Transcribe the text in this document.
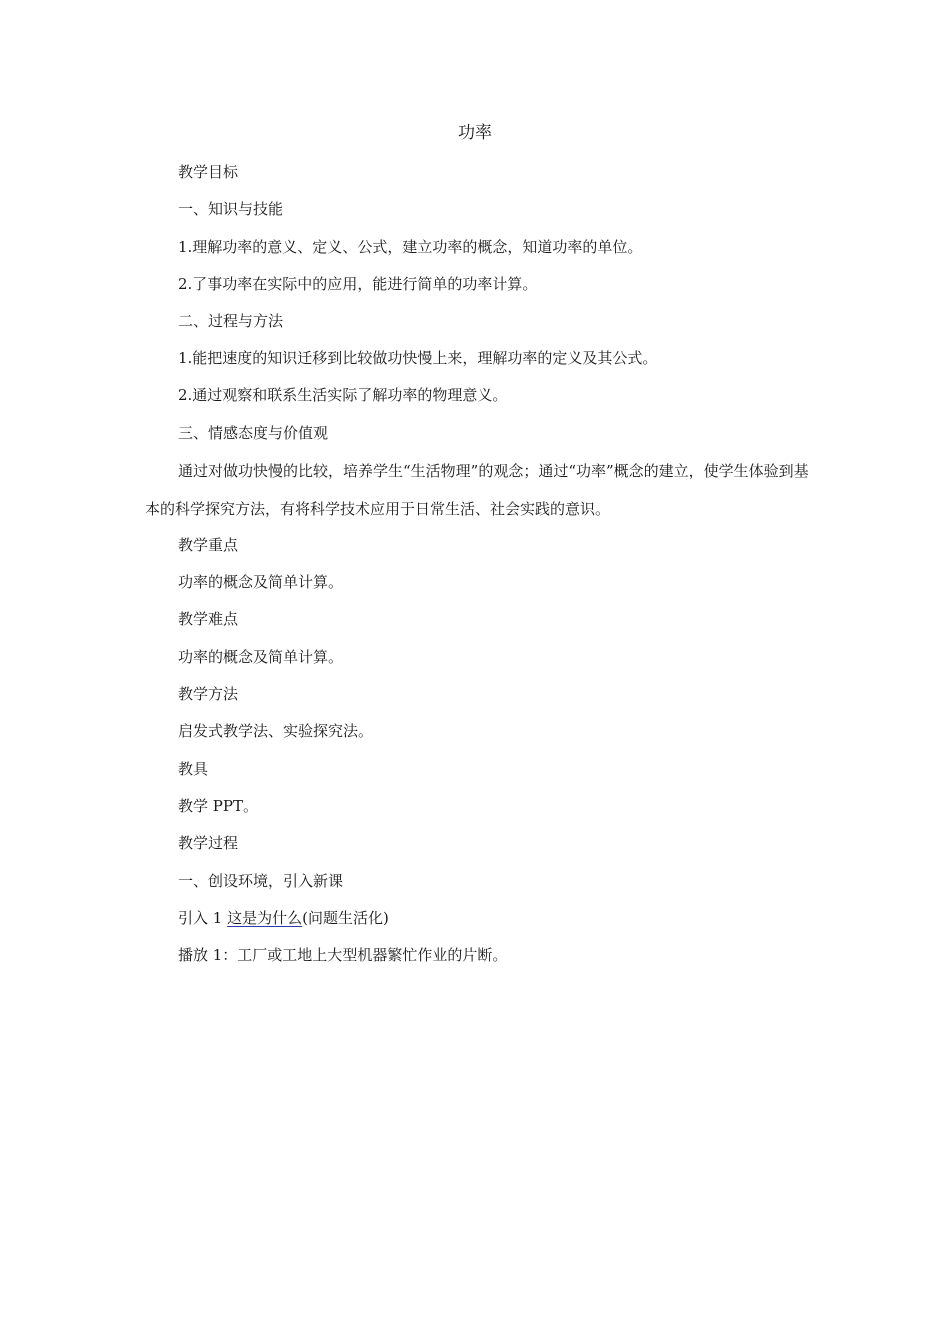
功率
教学目标
一、知识与技能
1.理解功率的意义、定义、公式，建立功率的概念，知道功率的单位。
2.了事功率在实际中的应用，能进行简单的功率计算。
二、过程与方法
1.能把速度的知识迁移到比较做功快慢上来，理解功率的定义及其公式。
2.通过观察和联系生活实际了解功率的物理意义。
三、情感态度与价值观
通过对做功快慢的比较，培养学生“生活物理”的观念；通过“功率”概念的建立，使学生体验到基本的科学探究方法，有将科学技术应用于日常生活、社会实践的意识。
教学重点
功率的概念及简单计算。
教学难点
功率的概念及简单计算。
教学方法
启发式教学法、实验探究法。
教具
教学 PPT。
教学过程
一、创设环境，引入新课
引入 1 这是为什么(问题生活化)
播放 1：工厂或工地上大型机器繁忙作业的片断。
